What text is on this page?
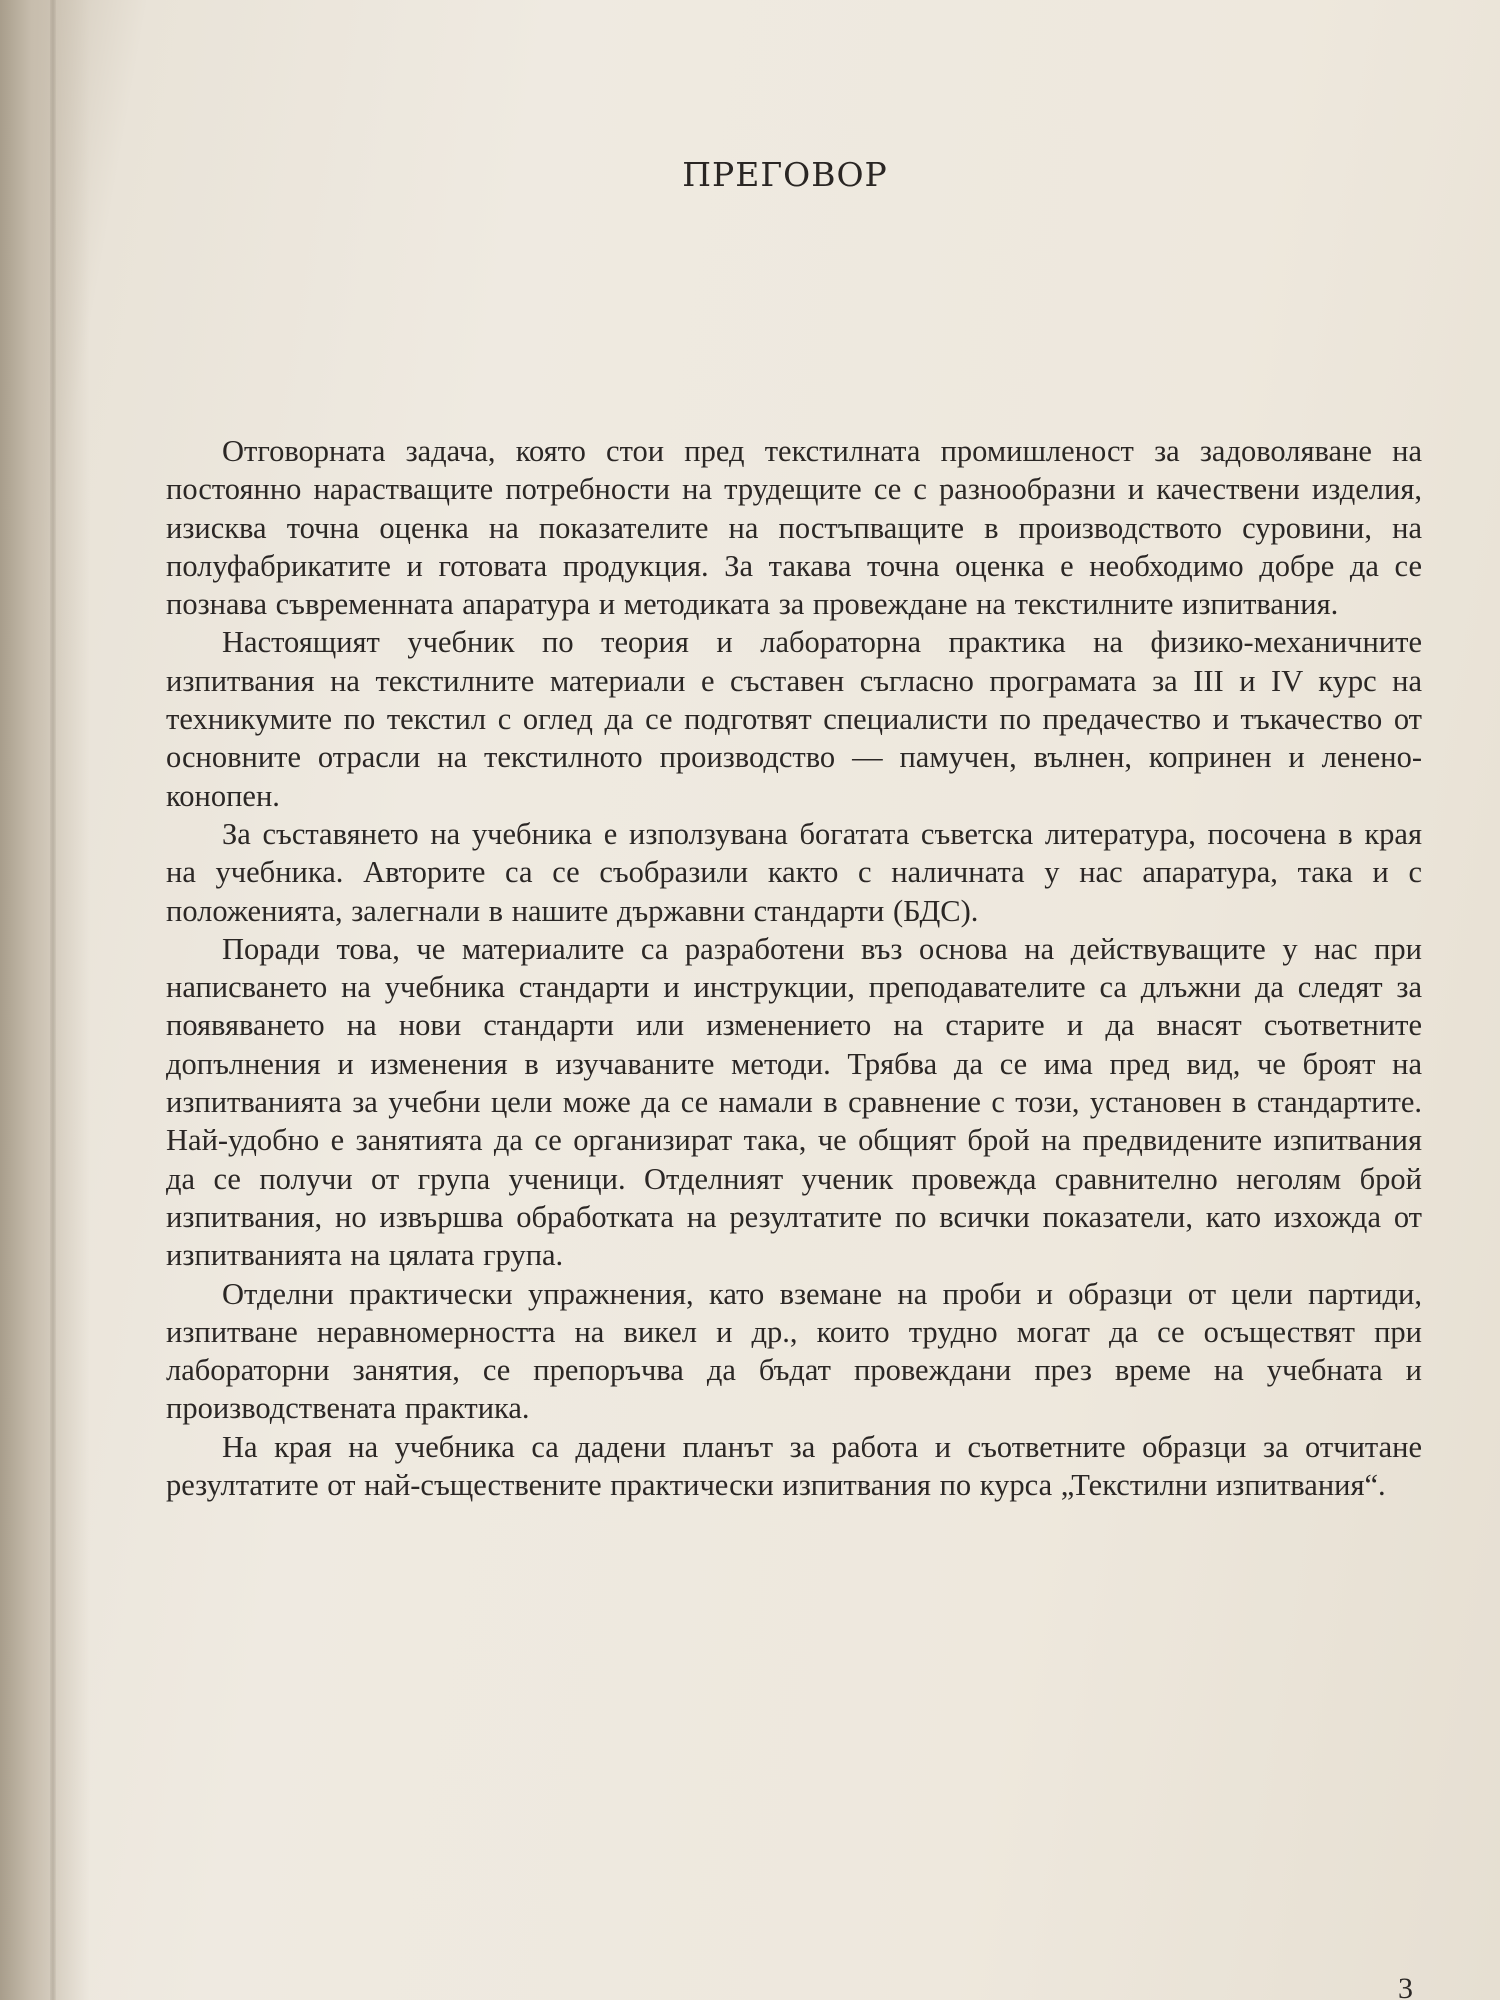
ПРЕГОВОР

Отговорната задача, която стои пред текстилната промишленост за задоволяване на постоянно нарастващите потребности на трудещите се с разнообразни и качествени изделия, изисква точна оценка на показателите на постъпващите в производството суровини, на полуфабрикатите и готовата продукция. За такава точна оценка е необходимо добре да се познава съвременната апаратура и методиката за провеждане на текстилните изпитвания.

Настоящият учебник по теория и лабораторна практика на физико-механичните изпитвания на текстилните материали е съставен съгласно програмата за III и IV курс на техникумите по текстил с оглед да се подготвят специалисти по предачество и тъкачество от основните отрасли на текстилното производство — памучен, вълнен, копринен и лененo-конопен.

За съставянето на учебника е използувана богатата съветска литература, посочена в края на учебника. Авторите са се съобразили както с наличната у нас апаратура, така и с положенията, залегнали в нашите държавни стандарти (БДС).

Поради това, че материалите са разработени въз основа на действуващите у нас при написването на учебника стандарти и инструкции, преподавателите са длъжни да следят за появяването на нови стандарти или изменението на старите и да внасят съответните допълнения и изменения в изучаваните методи. Трябва да се има пред вид, че броят на изпитванията за учебни цели може да се намали в сравнение с този, установен в стандартите. Най-удобно е занятията да се организират така, че общият брой на предвидените изпитвания да се получи от група ученици. Отделният ученик провежда сравнително неголям брой изпитвания, но извършва обработката на резултатите по всички показатели, като изхожда от изпитванията на цялата група.

Отделни практически упражнения, като вземане на проби и образци от цели партиди, изпитване неравномерността на викел и др., които трудно могат да се осъществят при лабораторни занятия, се препоръчва да бъдат провеждани през време на учебната и производствената практика.

На края на учебника са дадени планът за работа и съответните образци за отчитане резултатите от най-съществените практически изпитвания по курса „Текстилни изпитвания“.

3
